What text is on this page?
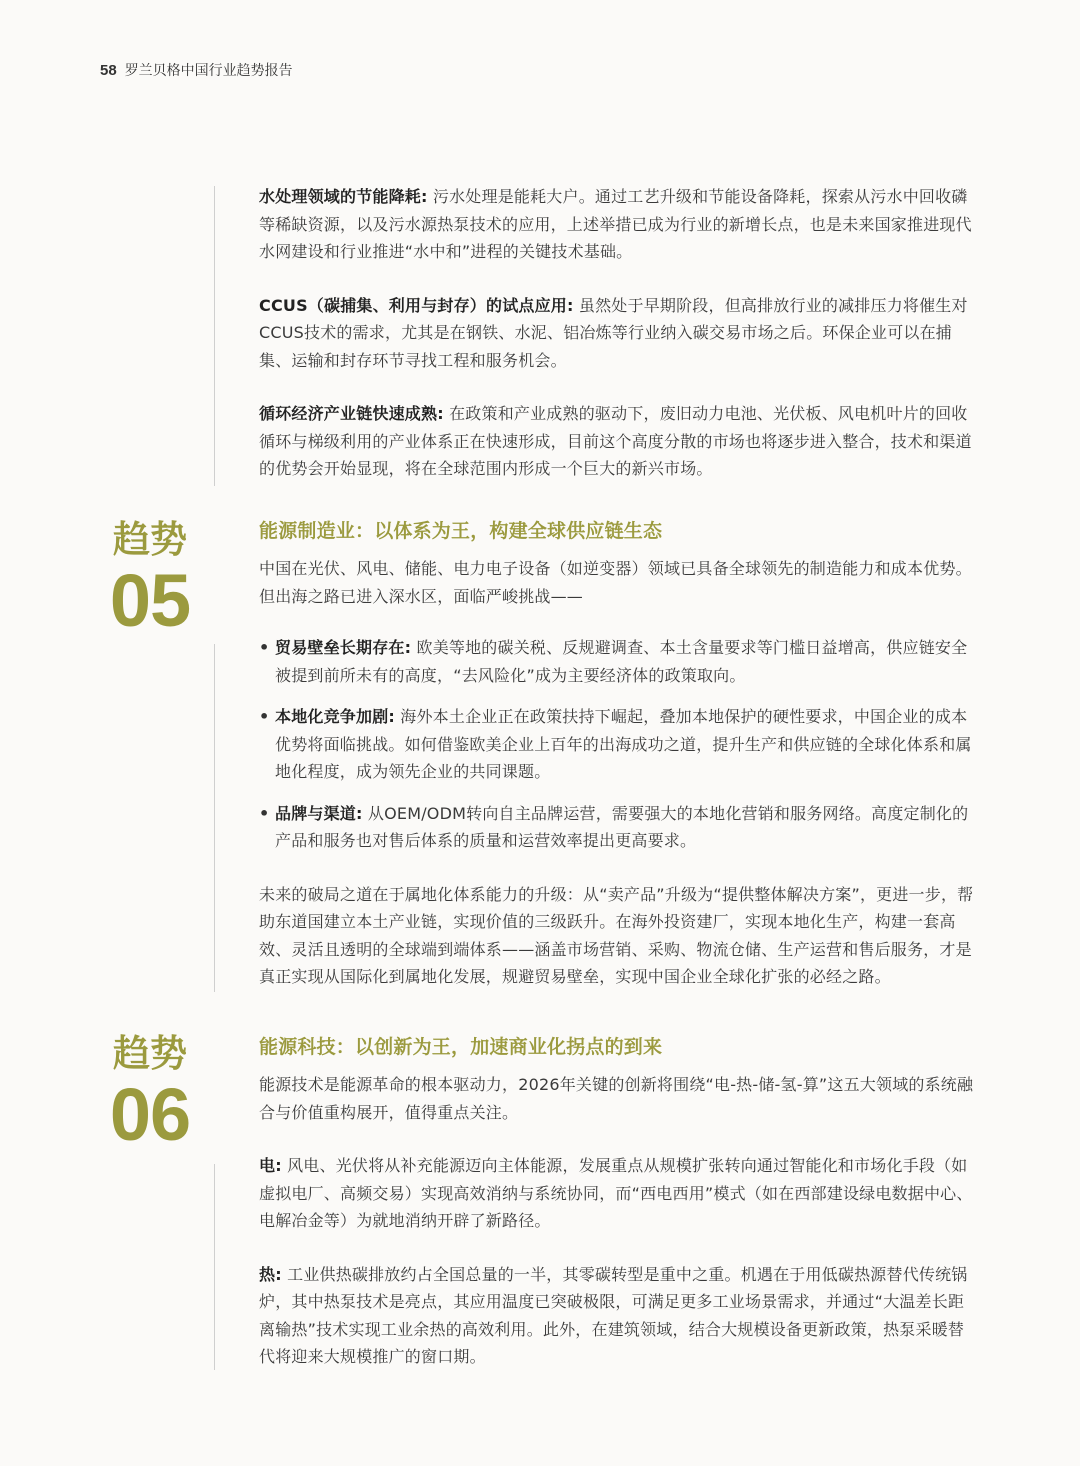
58 罗兰贝格中国行业趋势报告

水处理领域的节能降耗: 污水处理是能耗大户。通过工艺升级和节能设备降耗，探索从污水中回收磷等稀缺资源，以及污水源热泵技术的应用，上述举措已成为行业的新增长点，也是未来国家推进现代水网建设和行业推进“水中和”进程的关键技术基础。

CCUS（碳捕集、利用与封存）的试点应用: 虽然处于早期阶段，但高排放行业的减排压力将催生对CCUS技术的需求，尤其是在钢铁、水泥、铝冶炼等行业纳入碳交易市场之后。环保企业可以在捕集、运输和封存环节寻找工程和服务机会。

循环经济产业链快速成熟: 在政策和产业成熟的驱动下，废旧动力电池、光伏板、风电机叶片的回收循环与梯级利用的产业体系正在快速形成，目前这个高度分散的市场也将逐步进入整合，技术和渠道的优势会开始显现，将在全球范围内形成一个巨大的新兴市场。

趋势
05
能源制造业：以体系为王，构建全球供应链生态

中国在光伏、风电、储能、电力电子设备（如逆变器）领域已具备全球领先的制造能力和成本优势。但出海之路已进入深水区，面临严峻挑战——

• 贸易壁垒长期存在: 欧美等地的碳关税、反规避调查、本土含量要求等门槛日益增高，供应链安全被提到前所未有的高度，“去风险化”成为主要经济体的政策取向。
• 本地化竞争加剧: 海外本土企业正在政策扶持下崛起，叠加本地保护的硬性要求，中国企业的成本优势将面临挑战。如何借鉴欧美企业上百年的出海成功之道，提升生产和供应链的全球化体系和属地化程度，成为领先企业的共同课题。
• 品牌与渠道: 从OEM/ODM转向自主品牌运营，需要强大的本地化营销和服务网络。高度定制化的产品和服务也对售后体系的质量和运营效率提出更高要求。

未来的破局之道在于属地化体系能力的升级：从“卖产品”升级为“提供整体解决方案”，更进一步，帮助东道国建立本土产业链，实现价值的三级跃升。在海外投资建厂，实现本地化生产，构建一套高效、灵活且透明的全球端到端体系——涵盖市场营销、采购、物流仓储、生产运营和售后服务，才是真正实现从国际化到属地化发展，规避贸易壁垒，实现中国企业全球化扩张的必经之路。

趋势
06
能源科技：以创新为王，加速商业化拐点的到来

能源技术是能源革命的根本驱动力，2026年关键的创新将围绕“电-热-储-氢-算”这五大领域的系统融合与价值重构展开，值得重点关注。

电: 风电、光伏将从补充能源迈向主体能源，发展重点从规模扩张转向通过智能化和市场化手段（如虚拟电厂、高频交易）实现高效消纳与系统协同，而“西电西用”模式（如在西部建设绿电数据中心、电解冶金等）为就地消纳开辟了新路径。

热: 工业供热碳排放约占全国总量的一半，其零碳转型是重中之重。机遇在于用低碳热源替代传统锅炉，其中热泵技术是亮点，其应用温度已突破极限，可满足更多工业场景需求，并通过“大温差长距离输热”技术实现工业余热的高效利用。此外，在建筑领域，结合大规模设备更新政策，热泵采暖替代将迎来大规模推广的窗口期。
